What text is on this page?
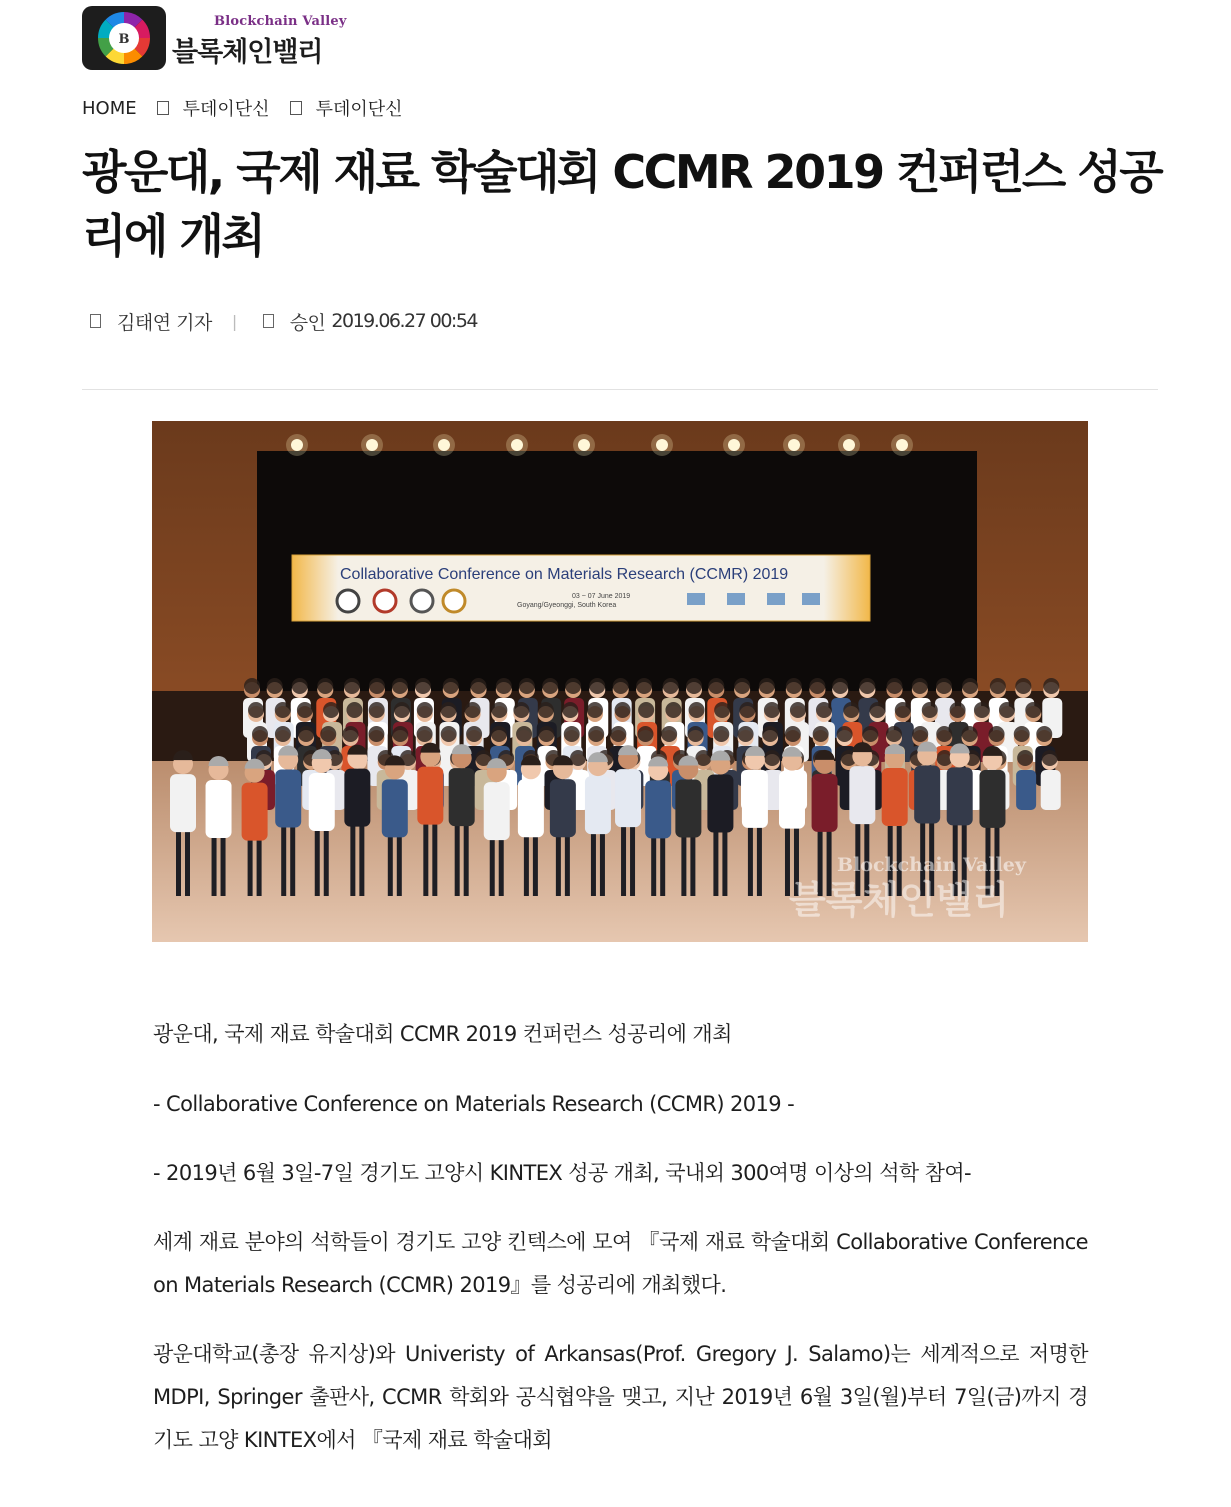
B
Blockchain Valley
블록체인밸리
HOME	투데이단신	투데이단신
광운대, 국제 재료 학술대회 CCMR 2019 컨퍼런스 성공리에 개최
김태연 기자 |	승인 2019.06.27 00:54
Collaborative Conference on Materials Research (CCMR) 2019
03 ~ 07 June 2019
Goyang/Gyeonggi, South Korea
Blockchain Valley
블록체인밸리

광운대, 국제 재료 학술대회 CCMR 2019 컨퍼런스 성공리에 개최

- Collaborative Conference on Materials Research (CCMR) 2019 -

- 2019년 6월 3일-7일 경기도 고양시 KINTEX 성공 개최, 국내외 300여명 이상의 석학 참여-

세계 재료 분야의 석학들이 경기도 고양 킨텍스에 모여 『국제 재료 학술대회 Collaborative Conference on Materials Research (CCMR) 2019』를 성공리에 개최했다.

광운대학교(총장 유지상)와 Univeristy of Arkansas(Prof. Gregory J. Salamo)는 세계적으로 저명한 MDPI, Springer 출판사, CCMR 학회와 공식협약을 맺고, 지난 2019년 6월 3일(월)부터 7일(금)까지 경기도 고양 KINTEX에서 『국제 재료 학술대회
